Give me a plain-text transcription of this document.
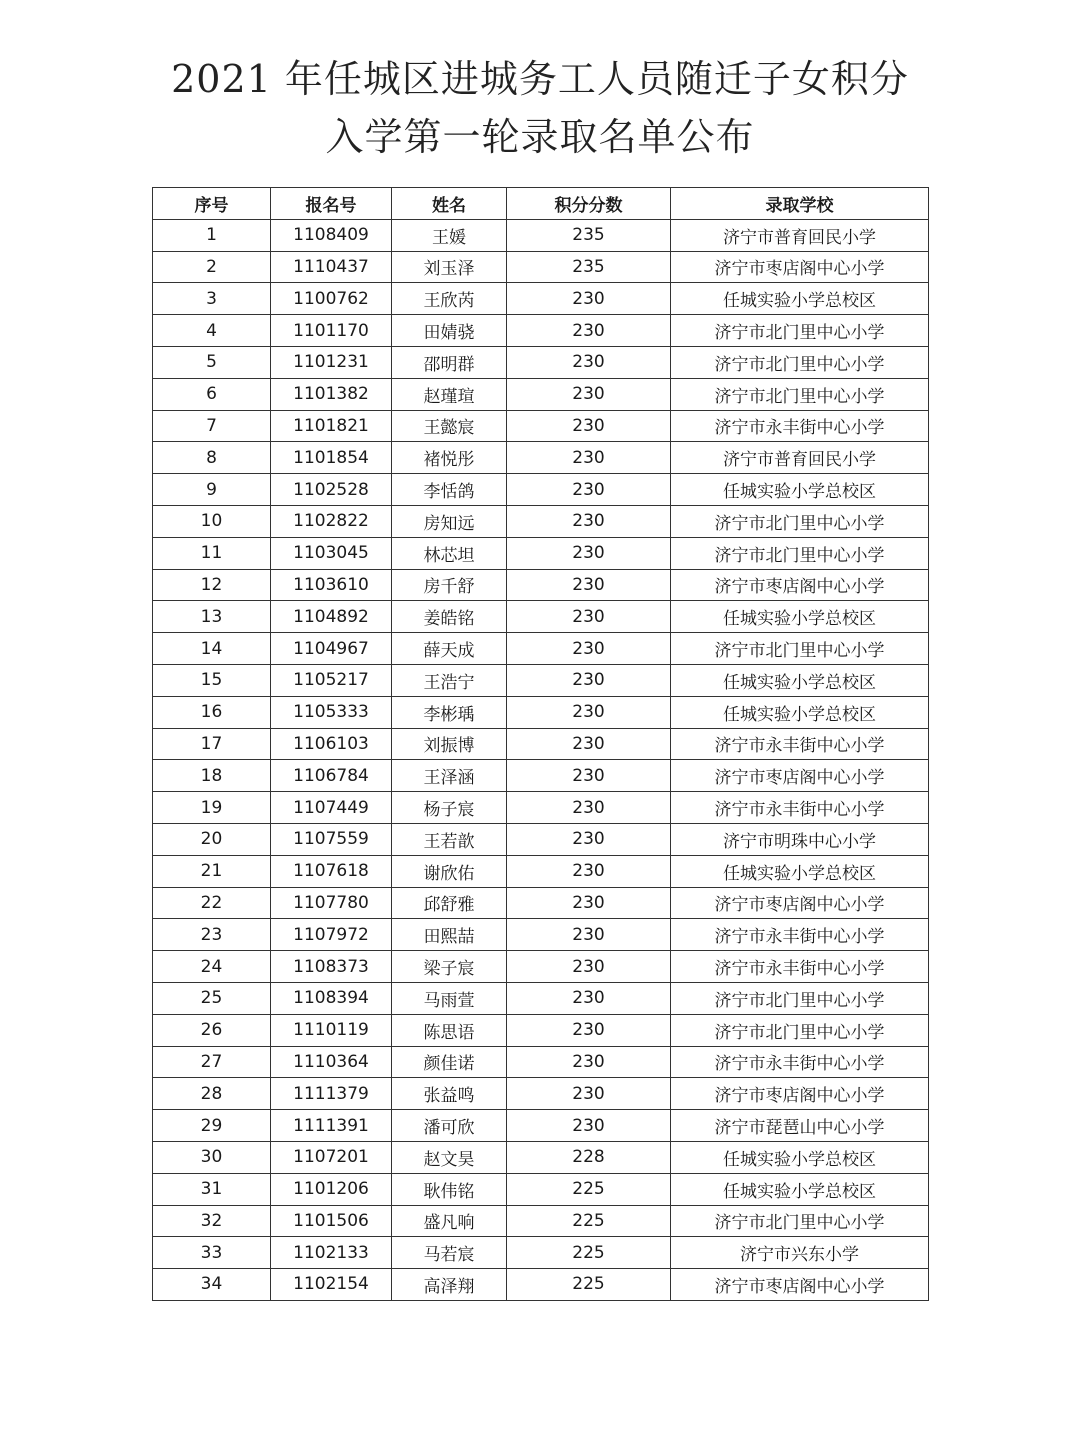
2021 年任城区进城务工人员随迁子女积分
入学第一轮录取名单公布
序号	报名号	姓名	积分分数	录取学校
1	1108409	王媛	235	济宁市普育回民小学
2	1110437	刘玉泽	235	济宁市枣店阁中心小学
3	1100762	王欣芮	230	任城实验小学总校区
4	1101170	田婧骁	230	济宁市北门里中心小学
5	1101231	邵明群	230	济宁市北门里中心小学
6	1101382	赵瑾瑄	230	济宁市北门里中心小学
7	1101821	王懿宸	230	济宁市永丰街中心小学
8	1101854	褚悦彤	230	济宁市普育回民小学
9	1102528	李恬鸽	230	任城实验小学总校区
10	1102822	房知远	230	济宁市北门里中心小学
11	1103045	林芯坦	230	济宁市北门里中心小学
12	1103610	房千舒	230	济宁市枣店阁中心小学
13	1104892	姜皓铭	230	任城实验小学总校区
14	1104967	薛天成	230	济宁市北门里中心小学
15	1105217	王浩宁	230	任城实验小学总校区
16	1105333	李彬瑀	230	任城实验小学总校区
17	1106103	刘振博	230	济宁市永丰街中心小学
18	1106784	王泽涵	230	济宁市枣店阁中心小学
19	1107449	杨子宸	230	济宁市永丰街中心小学
20	1107559	王若歆	230	济宁市明珠中心小学
21	1107618	谢欣佑	230	任城实验小学总校区
22	1107780	邱舒雅	230	济宁市枣店阁中心小学
23	1107972	田熙喆	230	济宁市永丰街中心小学
24	1108373	梁子宸	230	济宁市永丰街中心小学
25	1108394	马雨萱	230	济宁市北门里中心小学
26	1110119	陈思语	230	济宁市北门里中心小学
27	1110364	颜佳诺	230	济宁市永丰街中心小学
28	1111379	张益鸣	230	济宁市枣店阁中心小学
29	1111391	潘可欣	230	济宁市琵琶山中心小学
30	1107201	赵文昊	228	任城实验小学总校区
31	1101206	耿伟铭	225	任城实验小学总校区
32	1101506	盛凡响	225	济宁市北门里中心小学
33	1102133	马若宸	225	济宁市兴东小学
34	1102154	高泽翔	225	济宁市枣店阁中心小学
